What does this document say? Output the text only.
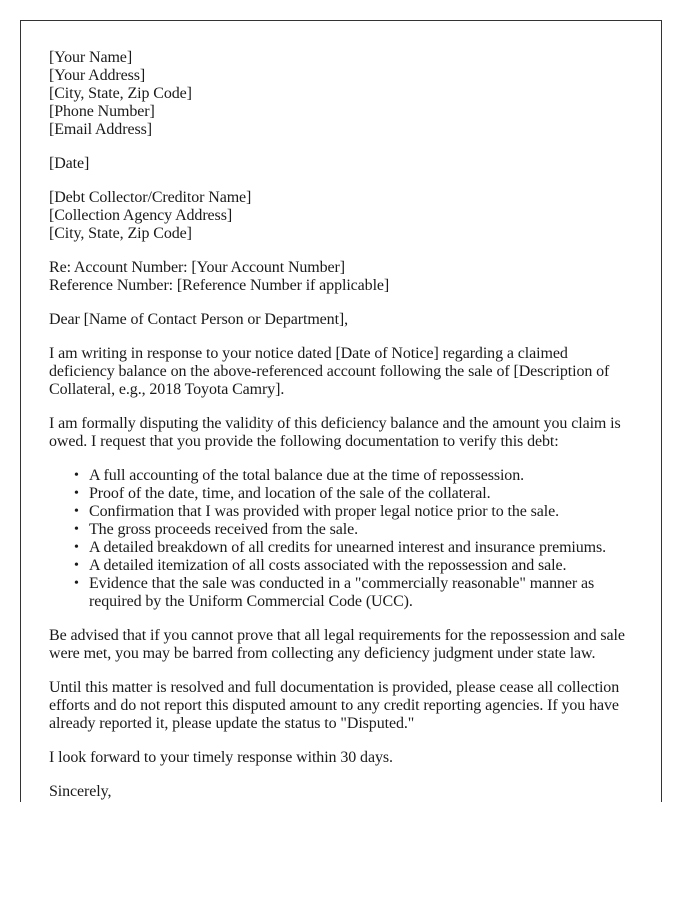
[Your Name]
[Your Address]
[City, State, Zip Code]
[Phone Number]
[Email Address]
[Date]
[Debt Collector/Creditor Name]
[Collection Agency Address]
[City, State, Zip Code]
Re: Account Number: [Your Account Number]
Reference Number: [Reference Number if applicable]

Dear [Name of Contact Person or Department],

I am writing in response to your notice dated [Date of Notice] regarding a claimed deficiency balance on the above-referenced account following the sale of [Description of Collateral, e.g., 2018 Toyota Camry].

I am formally disputing the validity of this deficiency balance and the amount you claim is owed. I request that you provide the following documentation to verify this debt:

• A full accounting of the total balance due at the time of repossession.
• Proof of the date, time, and location of the sale of the collateral.
• Confirmation that I was provided with proper legal notice prior to the sale.
• The gross proceeds received from the sale.
• A detailed breakdown of all credits for unearned interest and insurance premiums.
• A detailed itemization of all costs associated with the repossession and sale.
• Evidence that the sale was conducted in a "commercially reasonable" manner as required by the Uniform Commercial Code (UCC).

Be advised that if you cannot prove that all legal requirements for the repossession and sale were met, you may be barred from collecting any deficiency judgment under state law.

Until this matter is resolved and full documentation is provided, please cease all collection efforts and do not report this disputed amount to any credit reporting agencies. If you have already reported it, please update the status to "Disputed."

I look forward to your timely response within 30 days.

Sincerely,
